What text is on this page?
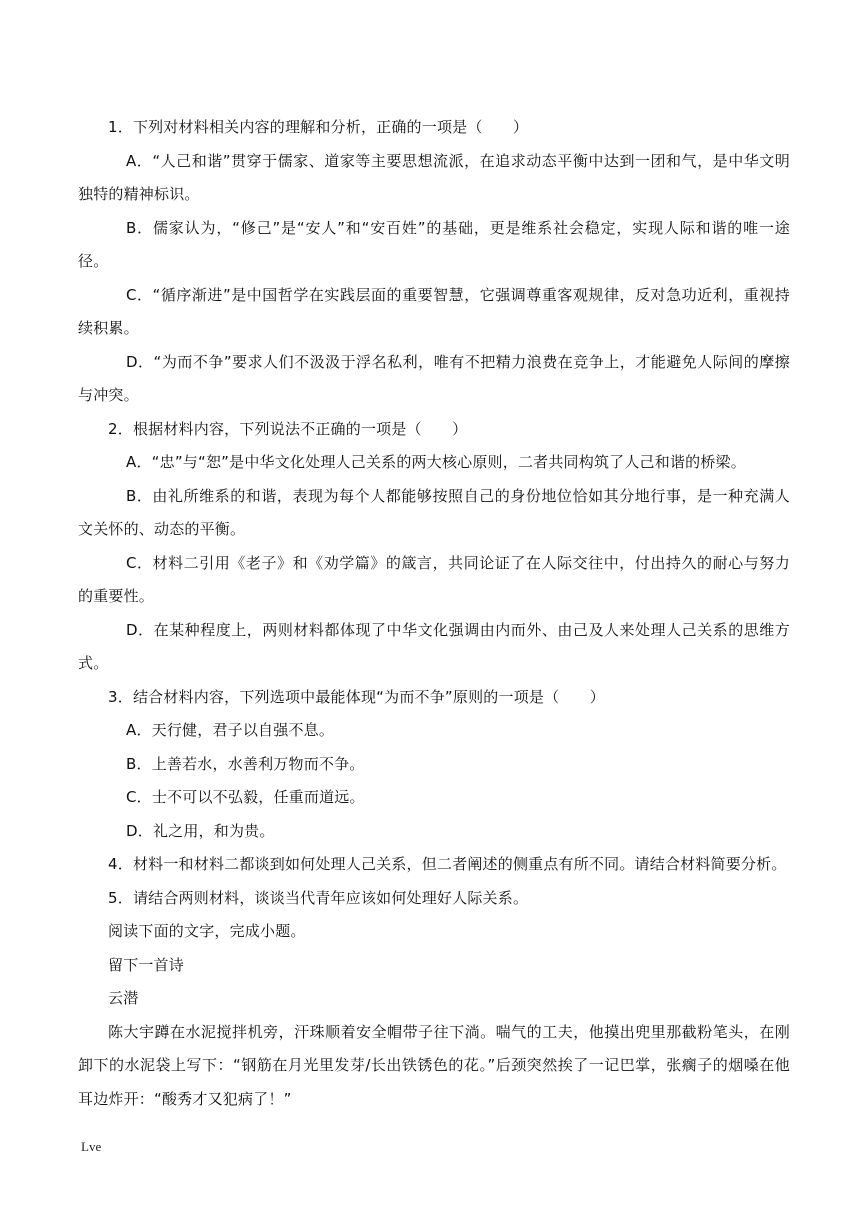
1．下列对材料相关内容的理解和分析，正确的一项是（　　）

A．“人己和谐”贯穿于儒家、道家等主要思想流派，在追求动态平衡中达到一团和气，是中华文明独特的精神标识。

B．儒家认为，“修己”是“安人”和“安百姓”的基础，更是维系社会稳定，实现人际和谐的唯一途径。

C．“循序渐进”是中国哲学在实践层面的重要智慧，它强调尊重客观规律，反对急功近利，重视持续积累。

D．“为而不争”要求人们不汲汲于浮名私利，唯有不把精力浪费在竞争上，才能避免人际间的摩擦与冲突。

2．根据材料内容，下列说法不正确的一项是（　　）

A．“忠”与“恕”是中华文化处理人己关系的两大核心原则，二者共同构筑了人己和谐的桥梁。

B．由礼所维系的和谐，表现为每个人都能够按照自己的身份地位恰如其分地行事，是一种充满人文关怀的、动态的平衡。

C．材料二引用《老子》和《劝学篇》的箴言，共同论证了在人际交往中，付出持久的耐心与努力的重要性。

D．在某种程度上，两则材料都体现了中华文化强调由内而外、由己及人来处理人己关系的思维方式。

3．结合材料内容，下列选项中最能体现“为而不争”原则的一项是（　　）

A．天行健，君子以自强不息。

B．上善若水，水善利万物而不争。

C．士不可以不弘毅，任重而道远。

D．礼之用，和为贵。

4．材料一和材料二都谈到如何处理人己关系，但二者阐述的侧重点有所不同。请结合材料简要分析。

5．请结合两则材料，谈谈当代青年应该如何处理好人际关系。

阅读下面的文字，完成小题。

留下一首诗

云潜

陈大宇蹲在水泥搅拌机旁，汗珠顺着安全帽带子往下淌。喘气的工夫，他摸出兜里那截粉笔头，在刚卸下的水泥袋上写下：“钢筋在月光里发芽/长出铁锈色的花。”后颈突然挨了一记巴掌，张瘸子的烟嗓在他耳边炸开：“酸秀才又犯病了！”

Lve
